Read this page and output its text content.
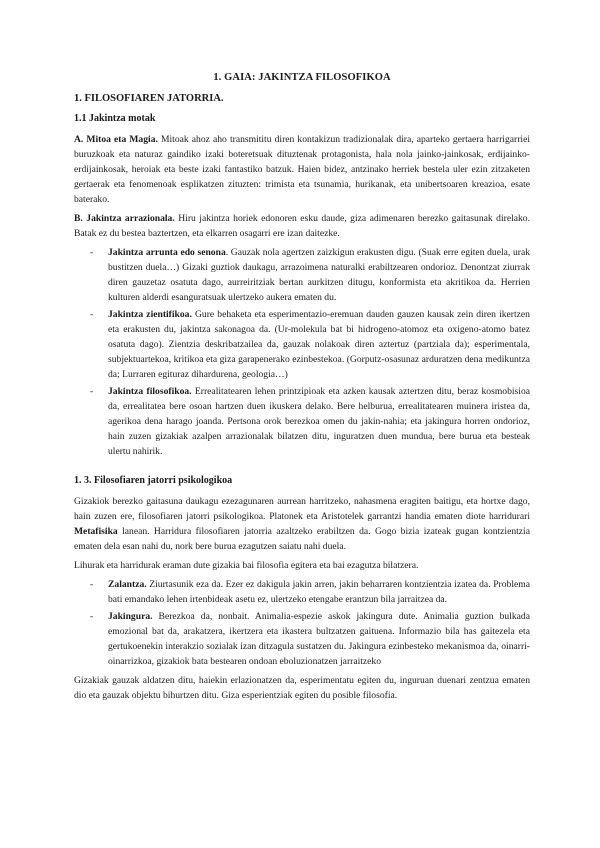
1. GAIA: JAKINTZA FILOSOFIKOA
1. FILOSOFIAREN JATORRIA.
1.1 Jakintza motak

A. Mitoa eta Magia. Mitoak ahoz aho transmititu diren kontakizun tradizionalak dira, aparteko gertaera harrigarriei buruzkoak eta naturaz gaindiko izaki boteretsuak dituztenak protagonista, hala nola jainko-jainkosak, erdijainko-erdijainkosak, heroiak eta beste izaki fantastiko batzuk. Haien bidez, antzinako herriek bestela uler ezin zitzaketen gertaerak eta fenomenoak esplikatzen zituzten: trimista eta tsunamia, hurikanak, eta unibertsoaren kreazioa, esate baterako.

B. Jakintza arrazionala. Hiru jakintza horiek edonoren esku daude, giza adimenaren berezko gaitasunak direlako. Batak ez du besteа baztertzen, eta elkarren osagarri ere izan daitezke.

- Jakintza arrunta edo senona. Gauzak nola agertzen zaizkigun erakusten digu. (Suak erre egiten duela, urak bustitzen duela…) Gizaki guztiok daukagu, arrazoimena naturalki erabiltzearen ondorioz. Denontzat ziurrak diren gauzetaz osatuta dago, aurreiritziak bertan aurkitzen ditugu, konformista eta akritikoa da. Herrien kulturen alderdi esanguratsuak ulertzeko aukera ematen du.
- Jakintza zientifikoa. Gure behaketa eta esperimentazio-eremuan dauden gauzen kausak zein diren ikertzen eta erakusten du, jakintza sakonagoa da. (Ur-molekula bat bi hidrogeno-atomoz eta oxigeno-atomo batez osatuta dago). Zientzia deskribatzailea da, gauzak nolakoak diren aztertuz (partziala da); esperimentala, subjektuartekoa, kritikoa eta giza garapenerako ezinbestekoa. (Gorputz-osasunaz arduratzen dena medikuntza da; Lurraren egituraz dihardurena, geologia…)
- Jakintza filosofikoa. Errealitatearen lehen printzipioak eta azken kausak aztertzen ditu, beraz kosmobisioa da, errealitatea bere osoan hartzen duen ikuskera delako. Bere helburua, errealitatearen muinera iristea da, agerikoa dena harago joanda. Pertsona orok berezkoa omen du jakin-nahia; eta jakingura horren ondorioz, hain zuzen gizakiak azalpen arrazionalak bilatzen ditu, inguratzen duen mundua, bere burua eta besteak ulertu nahirik.
1. 3. Filosofiaren jatorri psikologikoa

Gizakiok berezko gaitasuna daukagu ezezagunaren aurrean harritzeko, nahasmena eragiten baitigu, eta hortxe dago, hain zuzen ere, filosofiaren jatorri psikologikoa. Platonek eta Aristotelek garrantzi handia ematen diote harridurari Metafisika lanean. Harridura filosofiaren jatorria azaltzeko erabiltzen da. Gogo bizia izateak gugan kontzientzia ematen dela esan nahi du, nork bere burua ezagutzen saiatu nahi duela.

Lihurak eta harridurak eraman dute gizakia bai filosofia egitera eta bai ezagutza bilatzera.

- Zalantza. Ziurtasunik eza da. Ezer ez dakigula jakin arren, jakin beharraren kontzientzia izatea da. Problema bati emandako lehen irtenbideak asetu ez, ulertzeko etengabe erantzun bila jarraitzea da.
- Jakingura. Berezkoa da, nonbait. Animalia-espezie askok jakingura dute. Animalia guztion bulkada emozional bat da, arakatzera, ikertzera eta ikastera bultzatzen gaituena. Informazio bila has gaitezela eta gertukoenekin interakzio sozialak izan ditzagula sustatzen du. Jakingura ezinbesteko mekanismoa da, oinarri-oinarrizkoa, gizakiok bata bestearen ondoan eboluzionatzen jarraitzeko

Gizakiak gauzak aldatzen ditu, haiekin erlazionatzen da, esperimentatu egiten du, inguruan duenari zentzua ematen dio eta gauzak objektu bihurtzen ditu. Giza esperientziak egiten du posible filosofia.
